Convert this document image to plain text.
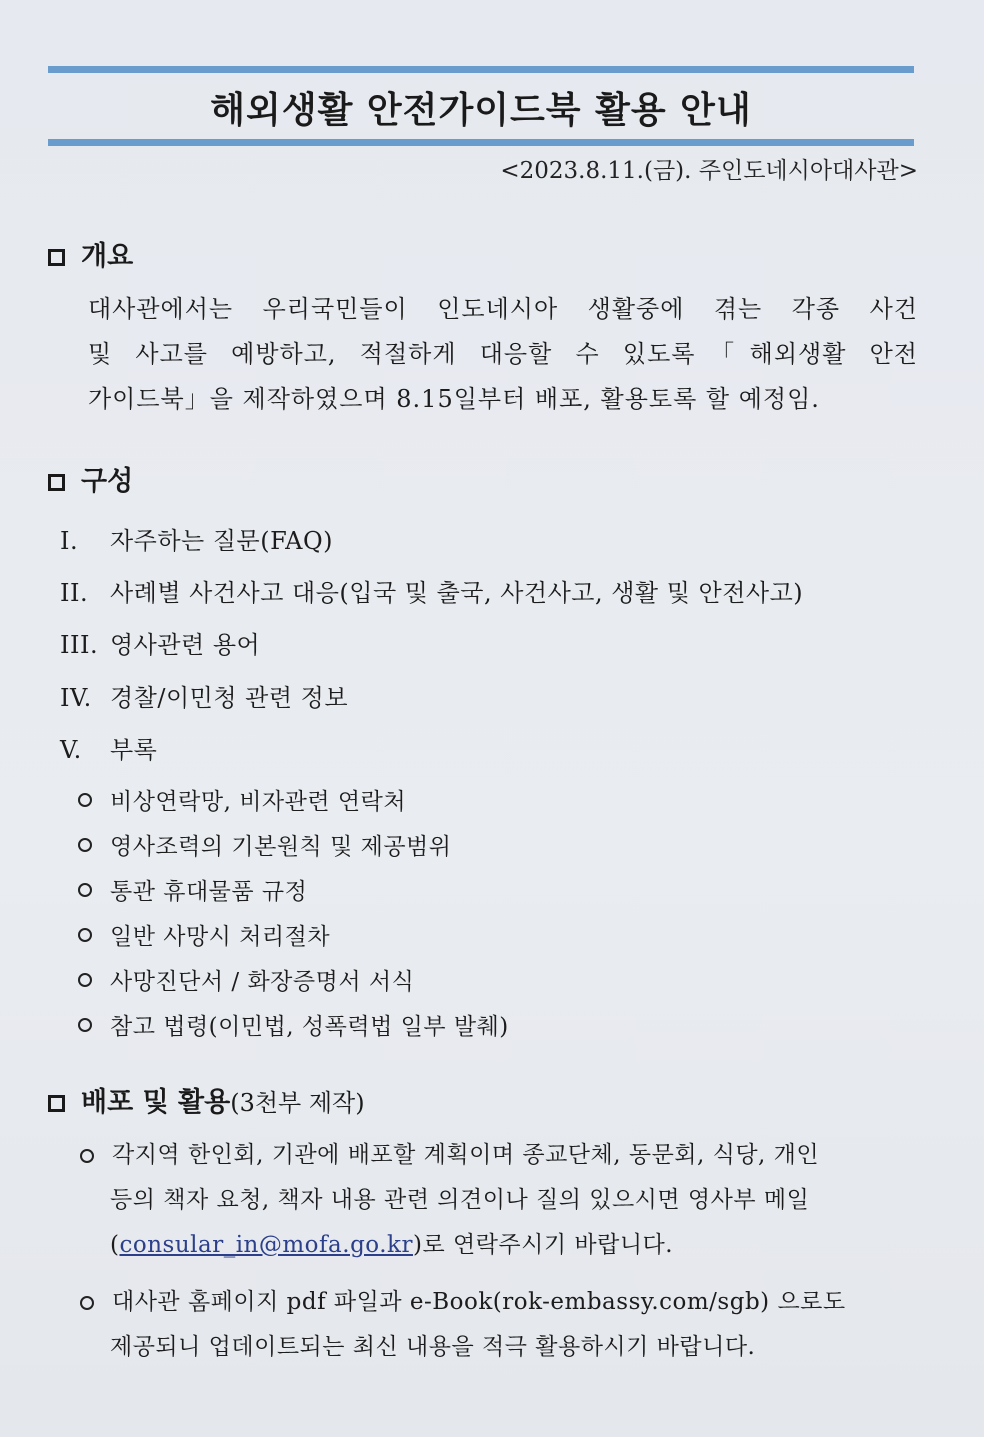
해외생활 안전가이드북 활용 안내
<2023.8.11.(금). 주인도네시아대사관>
개요
대사관에서는 우리국민들이 인도네시아 생활중에 겪는 각종 사건
및 사고를 예방하고, 적절하게 대응할 수 있도록「해외생활 안전
가이드북」을 제작하였으며 8.15일부터 배포, 활용토록 할 예정임.
구성
I. 자주하는 질문(FAQ)
II. 사례별 사건사고 대응(입국 및 출국, 사건사고, 생활 및 안전사고)
III. 영사관련 용어
IV. 경찰/이민청 관련 정보
V. 부록
비상연락망, 비자관련 연락처
영사조력의 기본원칙 및 제공범위
통관 휴대물품 규정
일반 사망시 처리절차
사망진단서 / 화장증명서 서식
참고 법령(이민법, 성폭력법 일부 발췌)
배포 및 활용(3천부 제작)
각지역 한인회, 기관에 배포할 계획이며 종교단체, 동문회, 식당, 개인
등의 책자 요청, 책자 내용 관련 의견이나 질의 있으시면 영사부 메일
(consular_in@mofa.go.kr)로 연락주시기 바랍니다.
대사관 홈페이지 pdf 파일과 e-Book(rok-embassy.com/sgb) 으로도
제공되니 업데이트되는 최신 내용을 적극 활용하시기 바랍니다.
